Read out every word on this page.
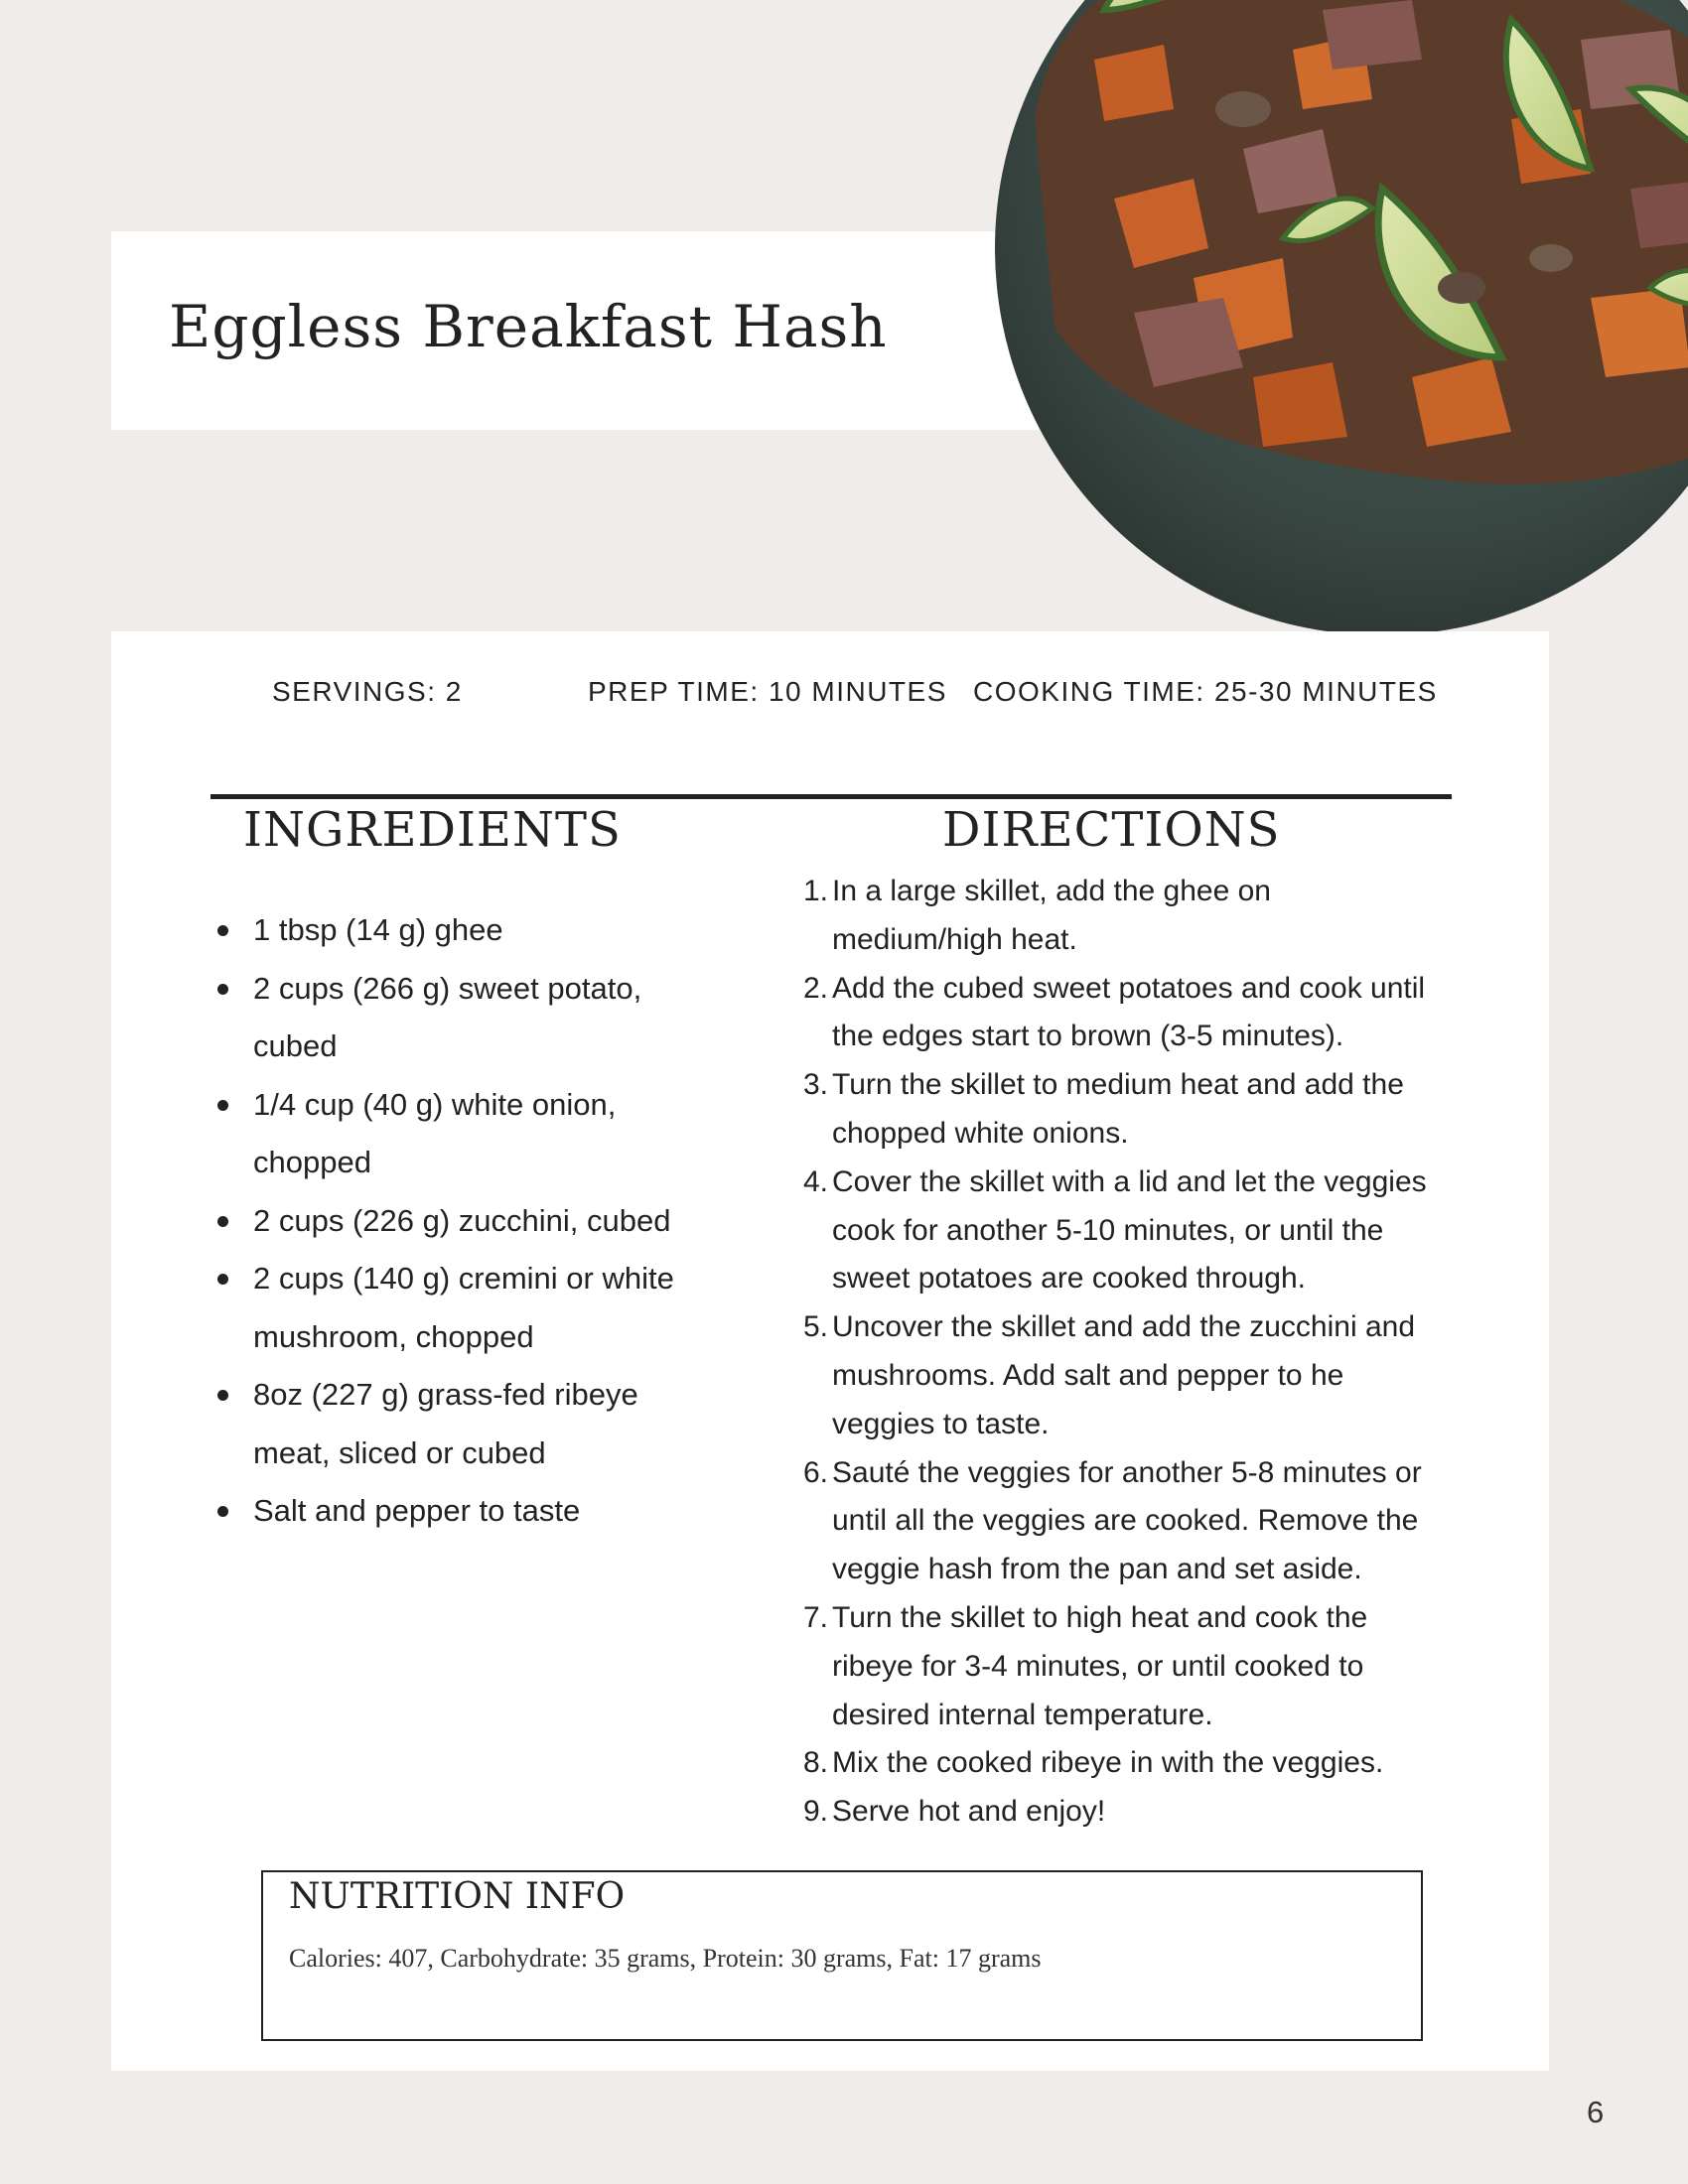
Eggless Breakfast Hash
SERVINGS: 2	PREP TIME: 10 MINUTES COOKING TIME: 25-30 MINUTES
INGREDIENTS	DIRECTIONS
1 tbsp (14 g) ghee
2 cups (266 g) sweet potato, cubed
1/4 cup (40 g) white onion, chopped
2 cups (226 g) zucchini, cubed
2 cups (140 g) cremini or white mushroom, chopped
8oz (227 g) grass-fed ribeye meat, sliced or cubed
Salt and pepper to taste
1. In a large skillet, add the ghee on
medium/high heat.
2. Add the cubed sweet potatoes and cook until
the edges start to brown (3-5 minutes).
3. Turn the skillet to medium heat and add the
chopped white onions.
4. Cover the skillet with a lid and let the veggies
cook for another 5-10 minutes, or until the
sweet potatoes are cooked through.
5. Uncover the skillet and add the zucchini and
mushrooms. Add salt and pepper to he
veggies to taste.
6. Sauté the veggies for another 5-8 minutes or
until all the veggies are cooked. Remove the
veggie hash from the pan and set aside.
7. Turn the skillet to high heat and cook the
ribeye for 3-4 minutes, or until cooked to
desired internal temperature.
8. Mix the cooked ribeye in with the veggies.
9. Serve hot and enjoy!
NUTRITION INFO
Calories: 407, Carbohydrate: 35 grams, Protein: 30 grams, Fat: 17 grams
6
